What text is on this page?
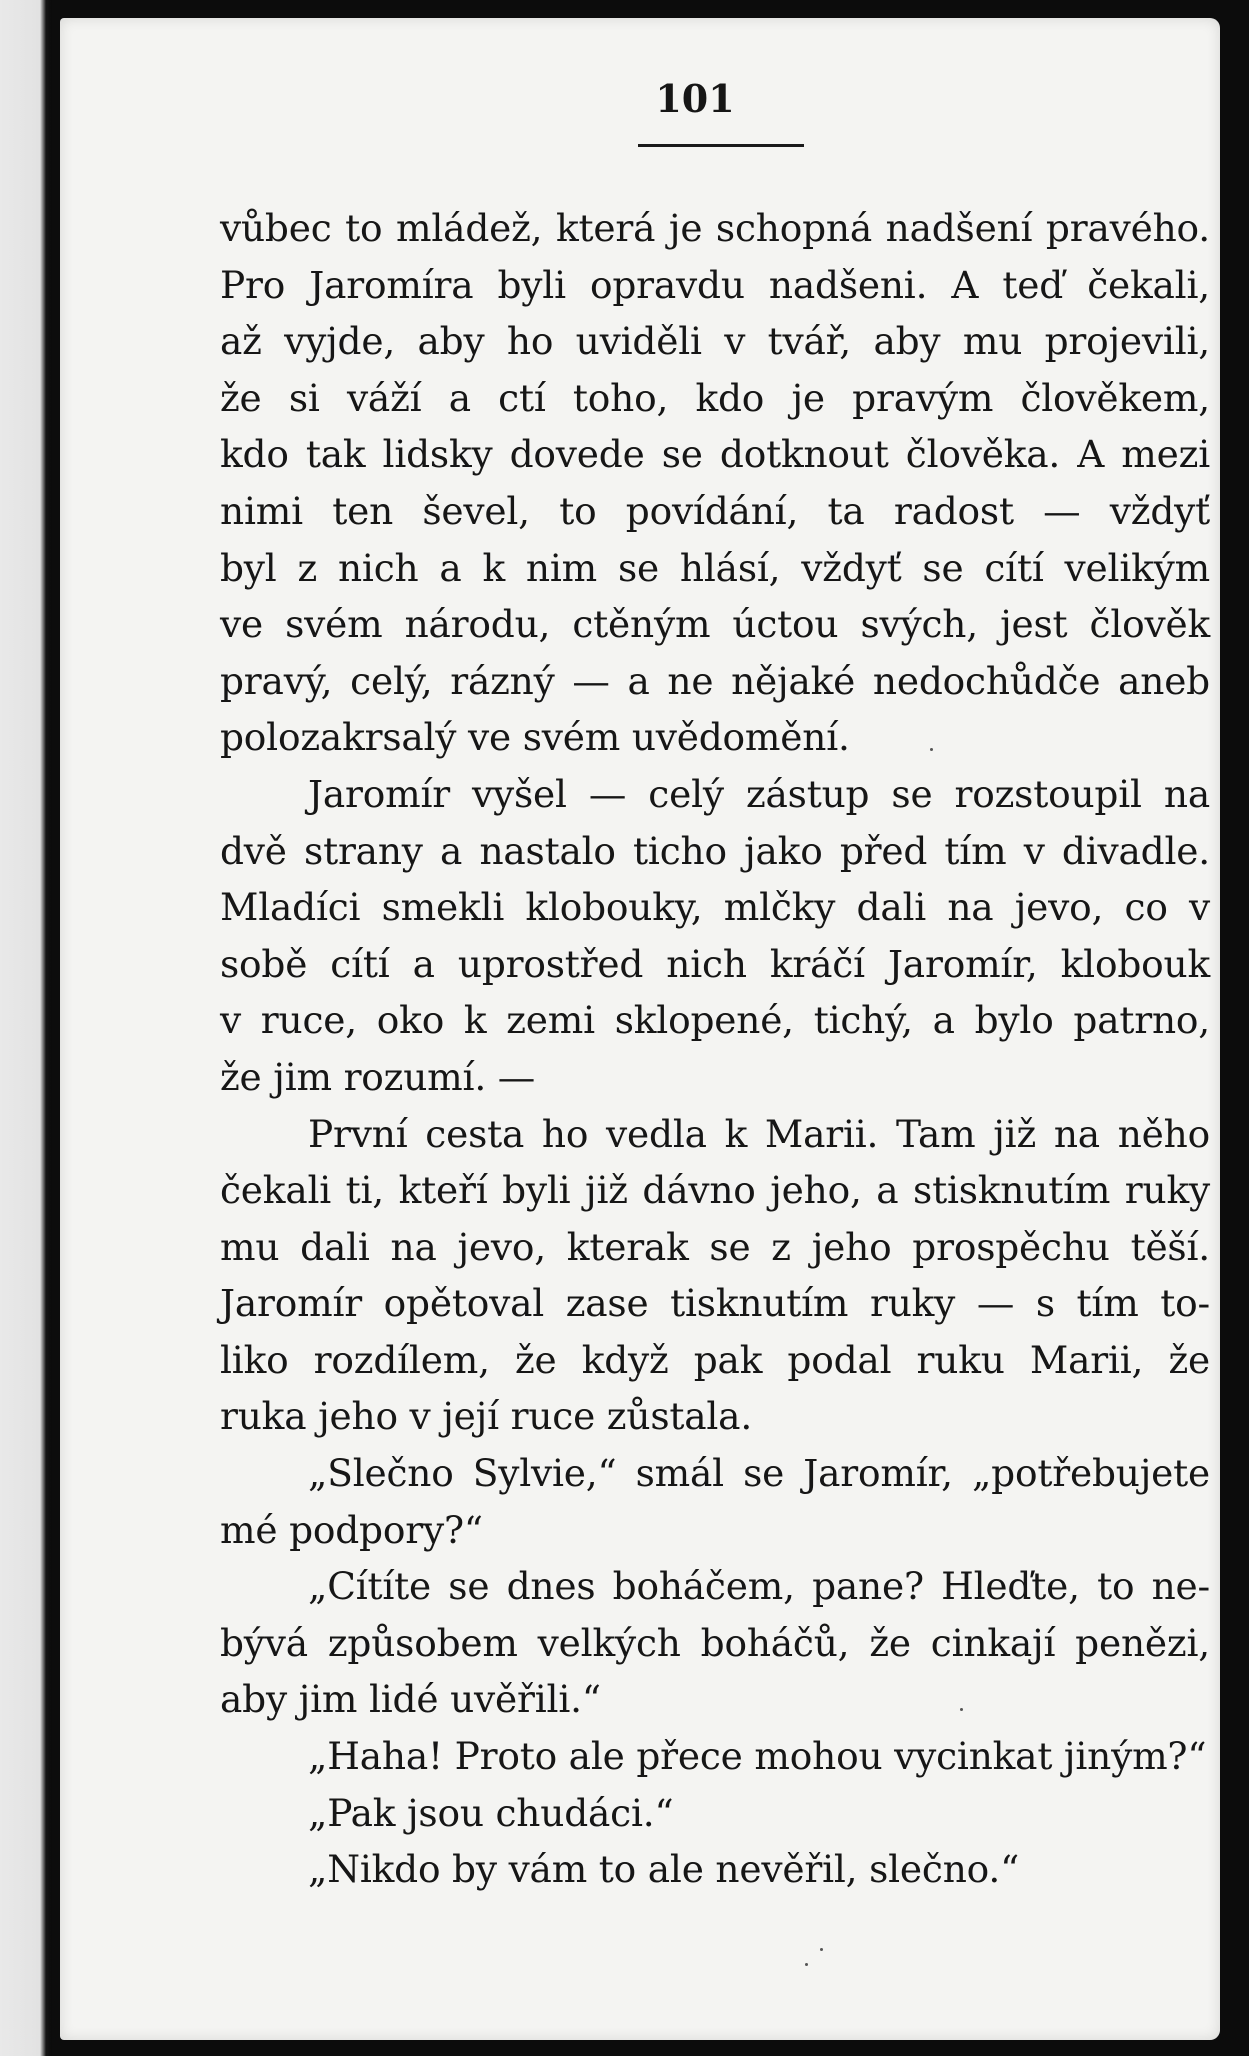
101
vůbec to mládež, která je schopná nadšení pravého.
Pro Jaromíra byli opravdu nadšeni. A teď čekali,
až vyjde, aby ho uviděli v tvář, aby mu projevili,
že si váží a ctí toho, kdo je pravým člověkem,
kdo tak lidsky dovede se dotknout člověka. A mezi
nimi ten ševel, to povídání, ta radost — vždyť
byl z nich a k nim se hlásí, vždyť se cítí velikým
ve svém národu, ctěným úctou svých, jest člověk
pravý, celý, rázný — a ne nějaké nedochůdče aneb
polozakrsalý ve svém uvědomění.
Jaromír vyšel — celý zástup se rozstoupil na
dvě strany a nastalo ticho jako před tím v divadle.
Mladíci smekli klobouky, mlčky dali na jevo, co v
sobě cítí a uprostřed nich kráčí Jaromír, klobouk
v ruce, oko k zemi sklopené, tichý, a bylo patrno,
že jim rozumí. —
První cesta ho vedla k Marii. Tam již na něho
čekali ti, kteří byli již dávno jeho, a stisknutím ruky
mu dali na jevo, kterak se z jeho prospěchu těší.
Jaromír opětoval zase tisknutím ruky — s tím to-
liko rozdílem, že když pak podal ruku Marii, že
ruka jeho v její ruce zůstala.
„Slečno Sylvie,“ smál se Jaromír, „potřebujete
mé podpory?“
„Cítíte se dnes boháčem, pane? Hleďte, to ne-
bývá způsobem velkých boháčů, že cinkají penězi,
aby jim lidé uvěřili.“
„Haha! Proto ale přece mohou vycinkat jiným?“
„Pak jsou chudáci.“
„Nikdo by vám to ale nevěřil, slečno.“
